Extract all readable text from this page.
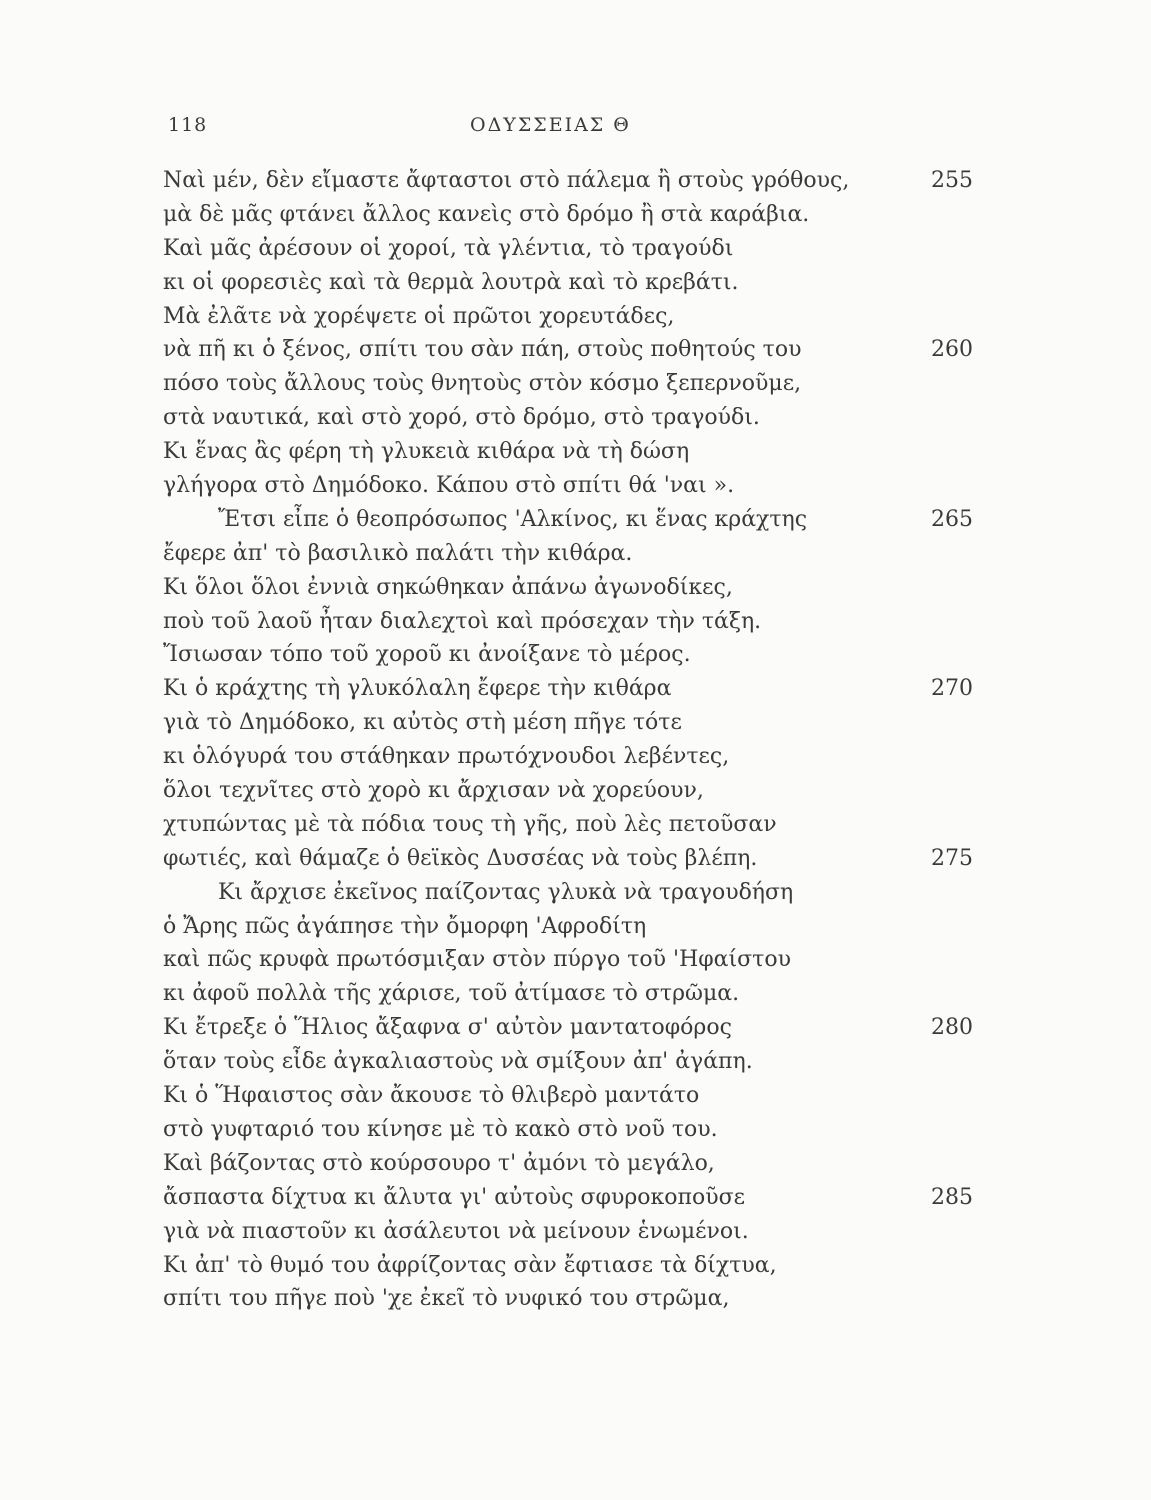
118	ΟΔΥΣΣΕΙΑΣ Θ
Ναὶ μέν, δὲν εἴμαστε ἄφταστοι στὸ πάλεμα ἢ στοὺς γρόθους,	255
μὰ δὲ μᾶς φτάνει ἄλλος κανεὶς στὸ δρόμο ἢ στὰ καράβια.
Καὶ μᾶς ἀρέσουν οἱ χοροί, τὰ γλέντια, τὸ τραγούδι
κι οἱ φορεσιὲς καὶ τὰ θερμὰ λουτρὰ καὶ τὸ κρεβάτι.
Μὰ ἐλᾶτε νὰ χορέψετε οἱ πρῶτοι χορευτάδες,
νὰ πῆ κι ὁ ξένος, σπίτι του σὰν πάη, στοὺς ποθητούς του	260
πόσο τοὺς ἄλλους τοὺς θνητοὺς στὸν κόσμο ξεπερνοῦμε,
στὰ ναυτικά, καὶ στὸ χορό, στὸ δρόμο, στὸ τραγούδι.
Κι ἕνας ἂς φέρη τὴ γλυκειὰ κιθάρα νὰ τὴ δώση
γλήγορα στὸ Δημόδοκο. Κάπου στὸ σπίτι θά 'ναι ».
Ἔτσι εἶπε ὁ θεοπρόσωπος 'Αλκίνος, κι ἕνας κράχτης	265
ἔφερε ἀπ' τὸ βασιλικὸ παλάτι τὴν κιθάρα.
Κι ὅλοι ὅλοι ἐννιὰ σηκώθηκαν ἀπάνω ἀγωνοδίκες,
ποὺ τοῦ λαοῦ ἦταν διαλεχτοὶ καὶ πρόσεχαν τὴν τάξη.
Ἴσιωσαν τόπο τοῦ χοροῦ κι ἀνοίξανε τὸ μέρος.
Κι ὁ κράχτης τὴ γλυκόλαλη ἔφερε τὴν κιθάρα	270
γιὰ τὸ Δημόδοκο, κι αὐτὸς στὴ μέση πῆγε τότε
κι ὁλόγυρά του στάθηκαν πρωτόχνουδοι λεβέντες,
ὅλοι τεχνῖτες στὸ χορὸ κι ἄρχισαν νὰ χορεύουν,
χτυπώντας μὲ τὰ πόδια τους τὴ γῆς, ποὺ λὲς πετοῦσαν
φωτιές, καὶ θάμαζε ὁ θεϊκὸς Δυσσέας νὰ τοὺς βλέπη.	275
Κι ἄρχισε ἐκεῖνος παίζοντας γλυκὰ νὰ τραγουδήση
ὁ Ἄρης πῶς ἀγάπησε τὴν ὄμορφη 'Αφροδίτη
καὶ πῶς κρυφὰ πρωτόσμιξαν στὸν πύργο τοῦ 'Ηφαίστου
κι ἀφοῦ πολλὰ τῆς χάρισε, τοῦ ἀτίμασε τὸ στρῶμα.
Κι ἔτρεξε ὁ Ἥλιος ἄξαφνα σ' αὐτὸν μαντατοφόρος	280
ὅταν τοὺς εἶδε ἀγκαλιαστοὺς νὰ σμίξουν ἀπ' ἀγάπη.
Κι ὁ Ἥφαιστος σὰν ἄκουσε τὸ θλιβερὸ μαντάτο
στὸ γυφταριό του κίνησε μὲ τὸ κακὸ στὸ νοῦ του.
Καὶ βάζοντας στὸ κούρσουρο τ' ἀμόνι τὸ μεγάλο,
ἄσπαστα δίχτυα κι ἄλυτα γι' αὐτοὺς σφυροκοποῦσε	285
γιὰ νὰ πιαστοῦν κι ἀσάλευτοι νὰ μείνουν ἑνωμένοι.
Κι ἀπ' τὸ θυμό του ἀφρίζοντας σὰν ἔφτιασε τὰ δίχτυα,
σπίτι του πῆγε ποὺ 'χε ἐκεῖ τὸ νυφικό του στρῶμα,
